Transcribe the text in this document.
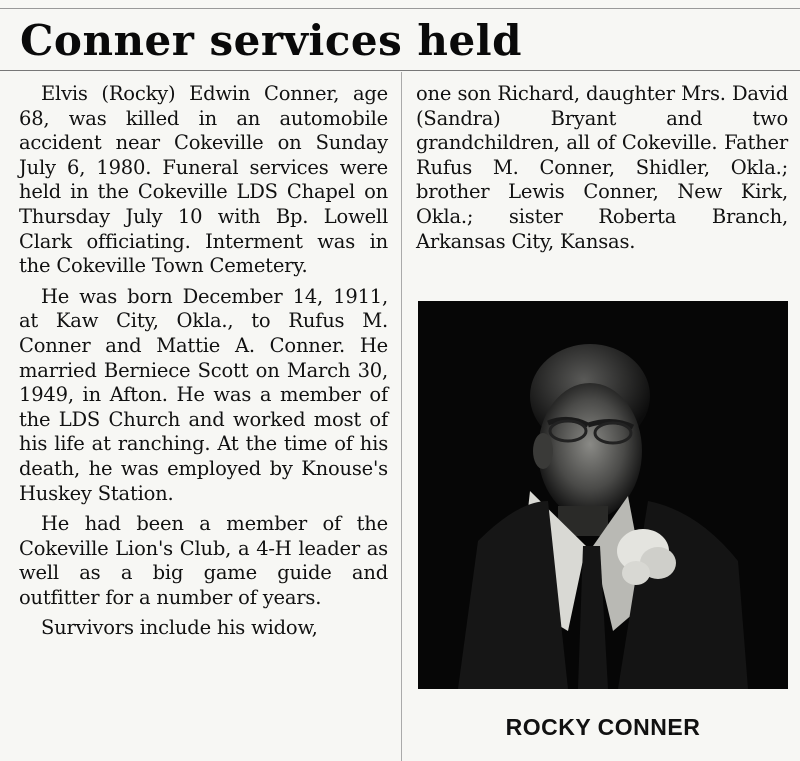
Conner services held

Elvis (Rocky) Edwin Conner, age 68, was killed in an automobile accident near Cokeville on Sunday July 6, 1980. Funeral services were held in the Cokeville LDS Chapel on Thursday July 10 with Bp. Lowell Clark officiating. Interment was in the Cokeville Town Cemetery.

He was born December 14, 1911, at Kaw City, Okla., to Rufus M. Conner and Mattie A. Conner. He married Berniece Scott on March 30, 1949, in Afton. He was a member of the LDS Church and worked most of his life at ranching. At the time of his death, he was employed by Knouse's Huskey Station.

He had been a member of the Cokeville Lion's Club, a 4-H leader as well as a big game guide and outfitter for a number of years.

Survivors include his widow,

one son Richard, daughter Mrs. David (Sandra) Bryant and two grandchildren, all of Cokeville. Father Rufus M. Conner, Shidler, Okla.; brother Lewis Conner, New Kirk, Okla.; sister Roberta Branch, Arkansas City, Kansas.

ROCKY CONNER
